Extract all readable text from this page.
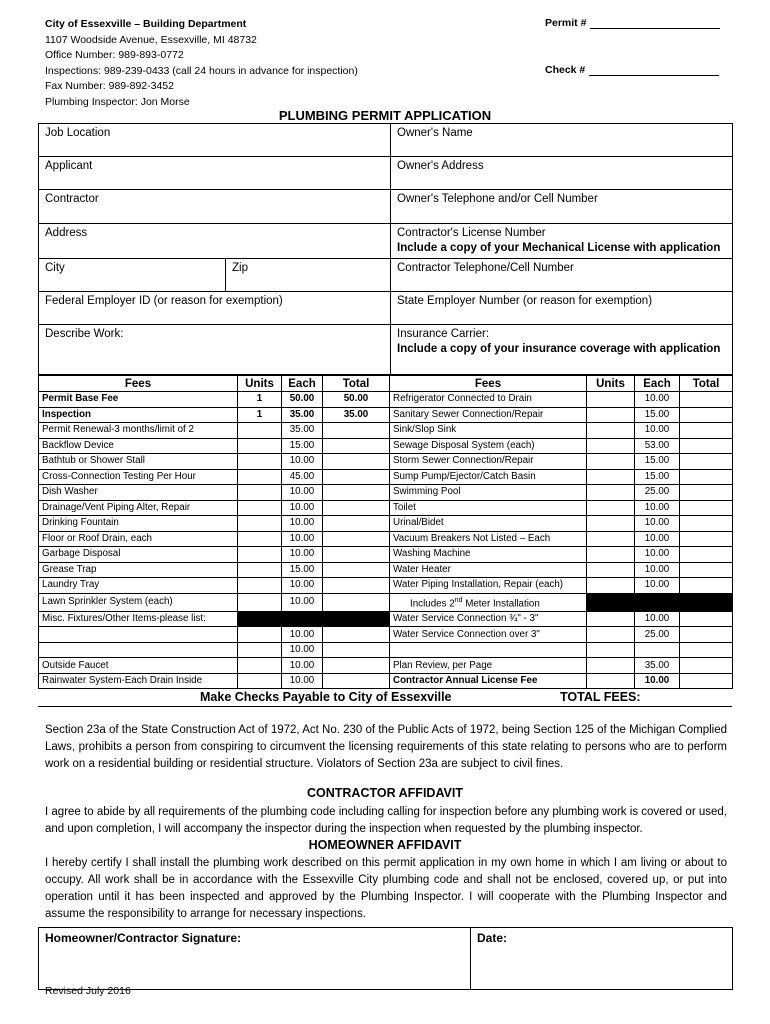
City of Essexville – Building Department
1107 Woodside Avenue, Essexville, MI 48732
Office Number: 989-893-0772
Inspections: 989-239-0433 (call 24 hours in advance for inspection)
Fax Number: 989-892-3452
Plumbing Inspector: Jon Morse
Permit #
Check #
PLUMBING PERMIT APPLICATION
Job Location		Owner's Name
Applicant		Owner's Address
Contractor		Owner's Telephone and/or Cell Number
Address		Contractor's License Number
Include a copy of your Mechanical License with application
City	Zip	Contractor Telephone/Cell Number
Federal Employer ID (or reason for exemption)		State Employer Number (or reason for exemption)
Describe Work:		Insurance Carrier:
Include a copy of your insurance coverage with application
Fees	Units	Each	Total	Fees	Units	Each	Total
Permit Base Fee	1	50.00	50.00	Refrigerator Connected to Drain		10.00	
Inspection	1	35.00	35.00	Sanitary Sewer Connection/Repair		15.00	
Permit Renewal-3 months/limit of 2		35.00		Sink/Slop Sink		10.00	
Backflow Device		15.00		Sewage Disposal System (each)		53.00	
Bathtub or Shower Stall		10.00		Storm Sewer Connection/Repair		15.00	
Cross-Connection Testing Per Hour		45.00		Sump Pump/Ejector/Catch Basin		15.00	
Dish Washer		10.00		Swimming Pool		25.00	
Drainage/Vent Piping Alter, Repair		10.00		Toilet		10.00	
Drinking Fountain		10.00		Urinal/Bidet		10.00	
Floor or Roof Drain, each		10.00		Vacuum Breakers Not Listed – Each		10.00	
Garbage Disposal		10.00		Washing Machine		10.00	
Grease Trap		15.00		Water Heater		10.00	
Laundry Tray		10.00		Water Piping Installation, Repair (each)		10.00	
Lawn Sprinkler System (each)		10.00		Includes 2nd Meter Installation			
Misc. Fixtures/Other Items-please list:				Water Service Connection ¾" - 3"		10.00	
		10.00		Water Service Connection over 3"		25.00	
		10.00					
Outside Faucet		10.00		Plan Review, per Page		35.00	
Rainwater System-Each Drain Inside		10.00		Contractor Annual License Fee		10.00	
Make Checks Payable to City of Essexville	TOTAL FEES:
Section 23a of the State Construction Act of 1972, Act No. 230 of the Public Acts of 1972, being Section 125 of the Michigan Complied Laws, prohibits a person from conspiring to circumvent the licensing requirements of this state relating to persons who are to perform work on a residential building or residential structure. Violators of Section 23a are subject to civil fines.
CONTRACTOR AFFIDAVIT
I agree to abide by all requirements of the plumbing code including calling for inspection before any plumbing work is covered or used, and upon completion, I will accompany the inspector during the inspection when requested by the plumbing inspector.
HOMEOWNER AFFIDAVIT
I hereby certify I shall install the plumbing work described on this permit application in my own home in which I am living or about to occupy. All work shall be in accordance with the Essexville City plumbing code and shall not be enclosed, covered up, or put into operation until it has been inspected and approved by the Plumbing Inspector. I will cooperate with the Plumbing Inspector and assume the responsibility to arrange for necessary inspections.
Homeowner/Contractor Signature:	Date:
Revised July 2016
